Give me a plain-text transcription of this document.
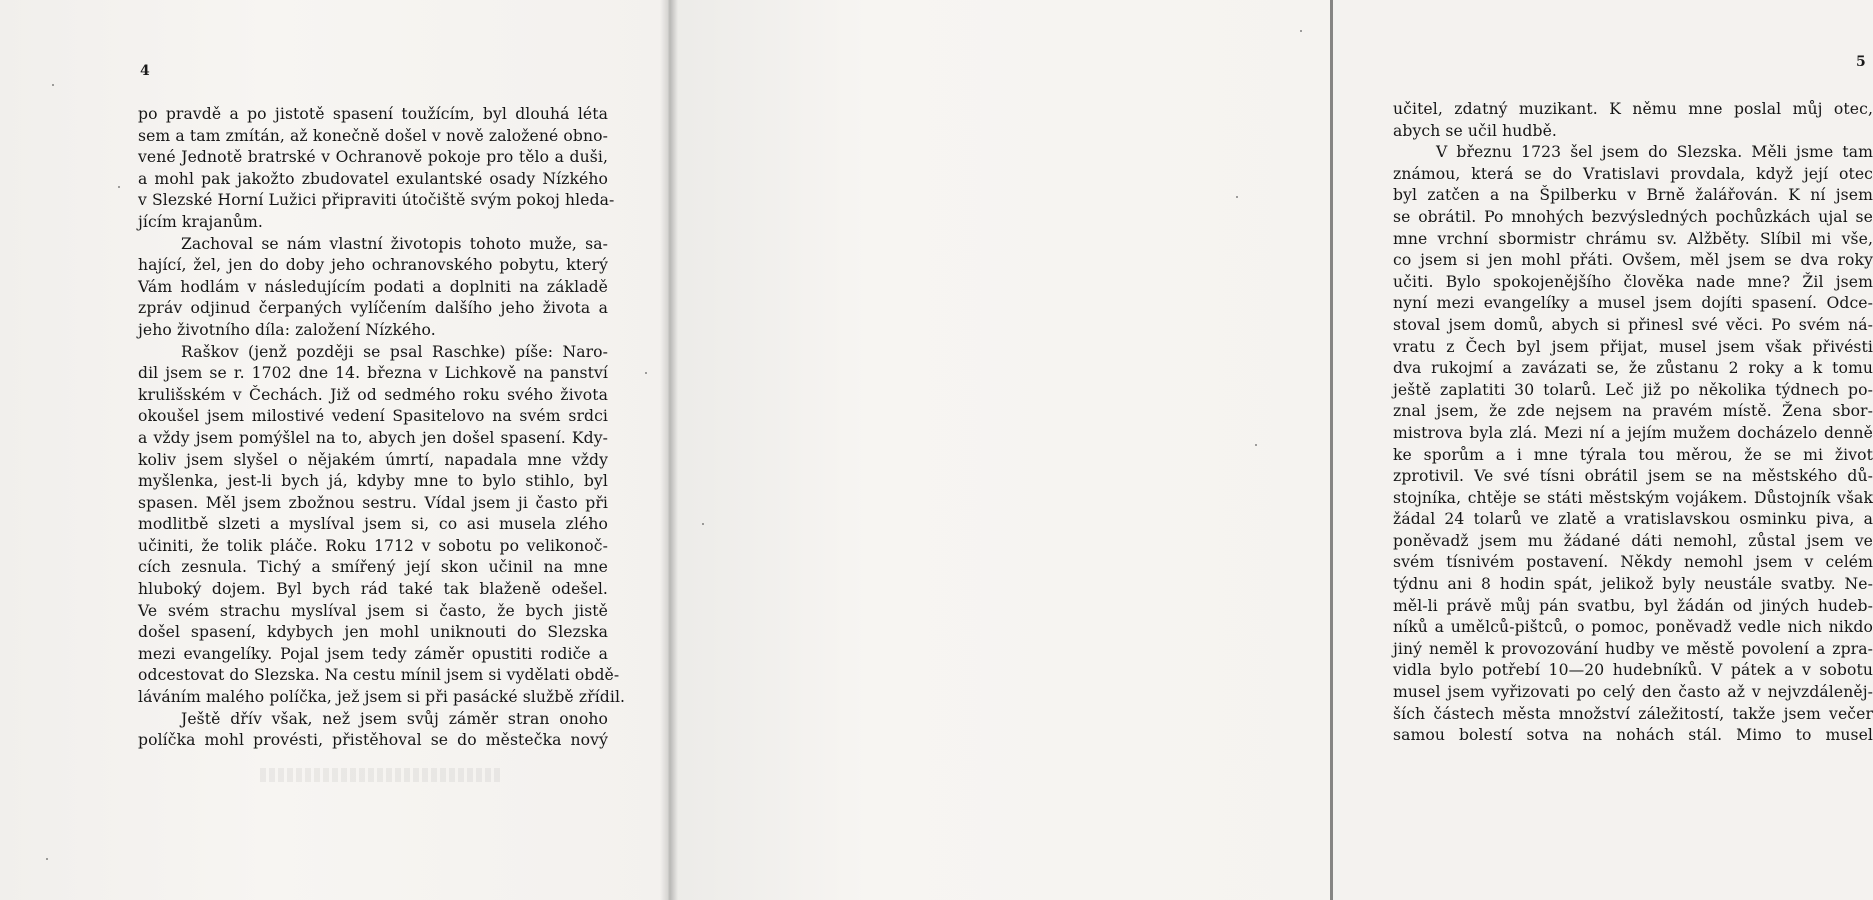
4

po pravdě a po jistotě spasení toužícím, byl dlouhá léta
sem a tam zmítán, až konečně došel v nově založené obno-
vené Jednotě bratrské v Ochranově pokoje pro tělo a duši,
a mohl pak jakožto zbudovatel exulantské osady Nízkého
v Slezské Horní Lužici připraviti útočiště svým pokoj hleda-
jícím krajanům.
Zachoval se nám vlastní životopis tohoto muže, sa-
hající, žel, jen do doby jeho ochranovského pobytu, který
Vám hodlám v následujícím podati a doplniti na základě
zpráv odjinud čerpaných vylíčením dalšího jeho života a
jeho životního díla: založení Nízkého.
Raškov (jenž později se psal Raschke) píše: Naro-
dil jsem se r. 1702 dne 14. března v Lichkově na panství
krulišském v Čechách. Již od sedmého roku svého života
okoušel jsem milostivé vedení Spasitelovo na svém srdci
a vždy jsem pomýšlel na to, abych jen došel spasení. Kdy-
koliv jsem slyšel o nějakém úmrtí, napadala mne vždy
myšlenka, jest-li bych já, kdyby mne to bylo stihlo, byl
spasen. Měl jsem zbožnou sestru. Vídal jsem ji často při
modlitbě slzeti a myslíval jsem si, co asi musela zlého
učiniti, že tolik pláče. Roku 1712 v sobotu po velikonoč-
cích zesnula. Tichý a smířený její skon učinil na mne
hluboký dojem. Byl bych rád také tak blaženě odešel.
Ve svém strachu myslíval jsem si často, že bych jistě
došel spasení, kdybych jen mohl uniknouti do Slezska
mezi evangelíky. Pojal jsem tedy záměr opustiti rodiče a
odcestovat do Slezska. Na cestu mínil jsem si vydělati obdě-
láváním malého políčka, jež jsem si při pasácké službě zřídil.
Ještě dřív však, než jsem svůj záměr stran onoho
políčka mohl provésti, přistěhoval se do městečka nový

5

učitel, zdatný muzikant. K němu mne poslal můj otec,
abych se učil hudbě.
V březnu 1723 šel jsem do Slezska. Měli jsme tam
známou, která se do Vratislavi provdala, když její otec
byl zatčen a na Špilberku v Brně žalářován. K ní jsem
se obrátil. Po mnohých bezvýsledných pochůzkách ujal se
mne vrchní sbormistr chrámu sv. Alžběty. Slíbil mi vše,
co jsem si jen mohl přáti. Ovšem, měl jsem se dva roky
učiti. Bylo spokojenějšího člověka nade mne? Žil jsem
nyní mezi evangelíky a musel jsem dojíti spasení. Odce-
stoval jsem domů, abych si přinesl své věci. Po svém ná-
vratu z Čech byl jsem přijat, musel jsem však přivésti
dva rukojmí a zavázati se, že zůstanu 2 roky a k tomu
ještě zaplatiti 30 tolarů. Leč již po několika týdnech po-
znal jsem, že zde nejsem na pravém místě. Žena sbor-
mistrova byla zlá. Mezi ní a jejím mužem docházelo denně
ke sporům a i mne týrala tou měrou, že se mi život
zprotivil. Ve své tísni obrátil jsem se na městského dů-
stojníka, chtěje se státi městským vojákem. Důstojník však
žádal 24 tolarů ve zlatě a vratislavskou osminku piva, a
poněvadž jsem mu žádané dáti nemohl, zůstal jsem ve
svém tísnivém postavení. Někdy nemohl jsem v celém
týdnu ani 8 hodin spát, jelikož byly neustále svatby. Ne-
měl-li právě můj pán svatbu, byl žádán od jiných hudeb-
níků a umělců-pištců, o pomoc, poněvadž vedle nich nikdo
jiný neměl k provozování hudby ve městě povolení a zpra-
vidla bylo potřebí 10—20 hudebníků. V pátek a v sobotu
musel jsem vyřizovati po celý den často až v nejvzdáleněj-
ších částech města množství záležitostí, takže jsem večer
samou bolestí sotva na nohách stál. Mimo to musel
